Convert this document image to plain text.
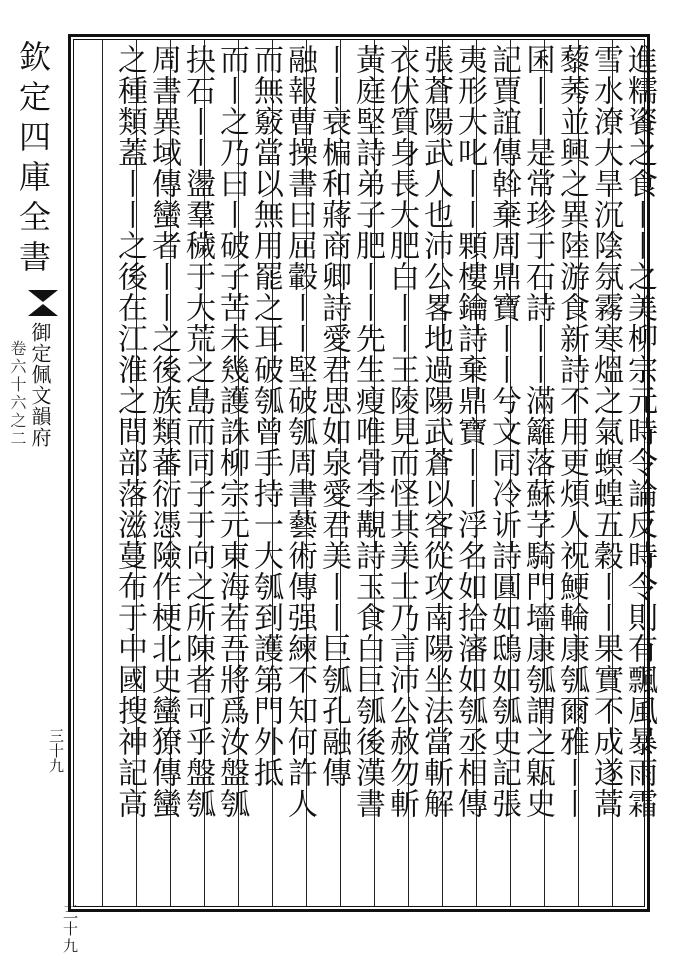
欽定四庫全書
御定佩文韻府
卷六十六之二
三十九
三十九
進糯餈之食丨丨之美柳宗元時令論反時令則有飄風暴雨霜
雪水潦大旱沉陰氛霧寒熅之氣螟蝗五穀丨丨果實不成遂蒿
藜莠並興之異陸游食新詩不用更煩人祝鯁輪康瓠爾雅丨丨
囷丨丨是常珍于石詩丨丨滿籬落蘇芓騎門墻康瓠謂之甈史
記賈誼傳斡棄周鼎寶丨丨兮文同冷䜣詩圓如鴟如瓠史記張
夷形大叱丨丨顆樓鑰詩棄鼎寶丨丨浮名如拾瀋如瓠丞相傳
張蒼陽武人也沛公畧地過陽武蒼以客從攻南陽坐法當斬解
衣伏質身長大肥白丨丨王陵見而怪其美士乃言沛公赦勿斬
黃庭堅詩弟子肥丨丨先生瘦唯骨李覯詩玉食白巨瓠後漢書
丨丨衰楄和蔣商卿詩愛君思如泉愛君美丨丨巨瓠孔融傳
融報曹操書曰屈轂丨丨堅破瓠周書藝術傳强練不知何許人
而無竅當以無用罷之耳破瓠曾手持一大瓠到護第門外抵
而丨之乃曰丨破子苦未幾護誅柳宗元東海若吾將爲汝盤瓠
抉石丨丨盪羣穢于大荒之島而同子于向之所陳者可乎盤瓠
周書異域傳蠻者丨丨之後族類蕃衍憑險作梗北史蠻獠傳蠻
之種類蓋丨丨之後在江淮之間部落滋蔓布于中國搜神記高
